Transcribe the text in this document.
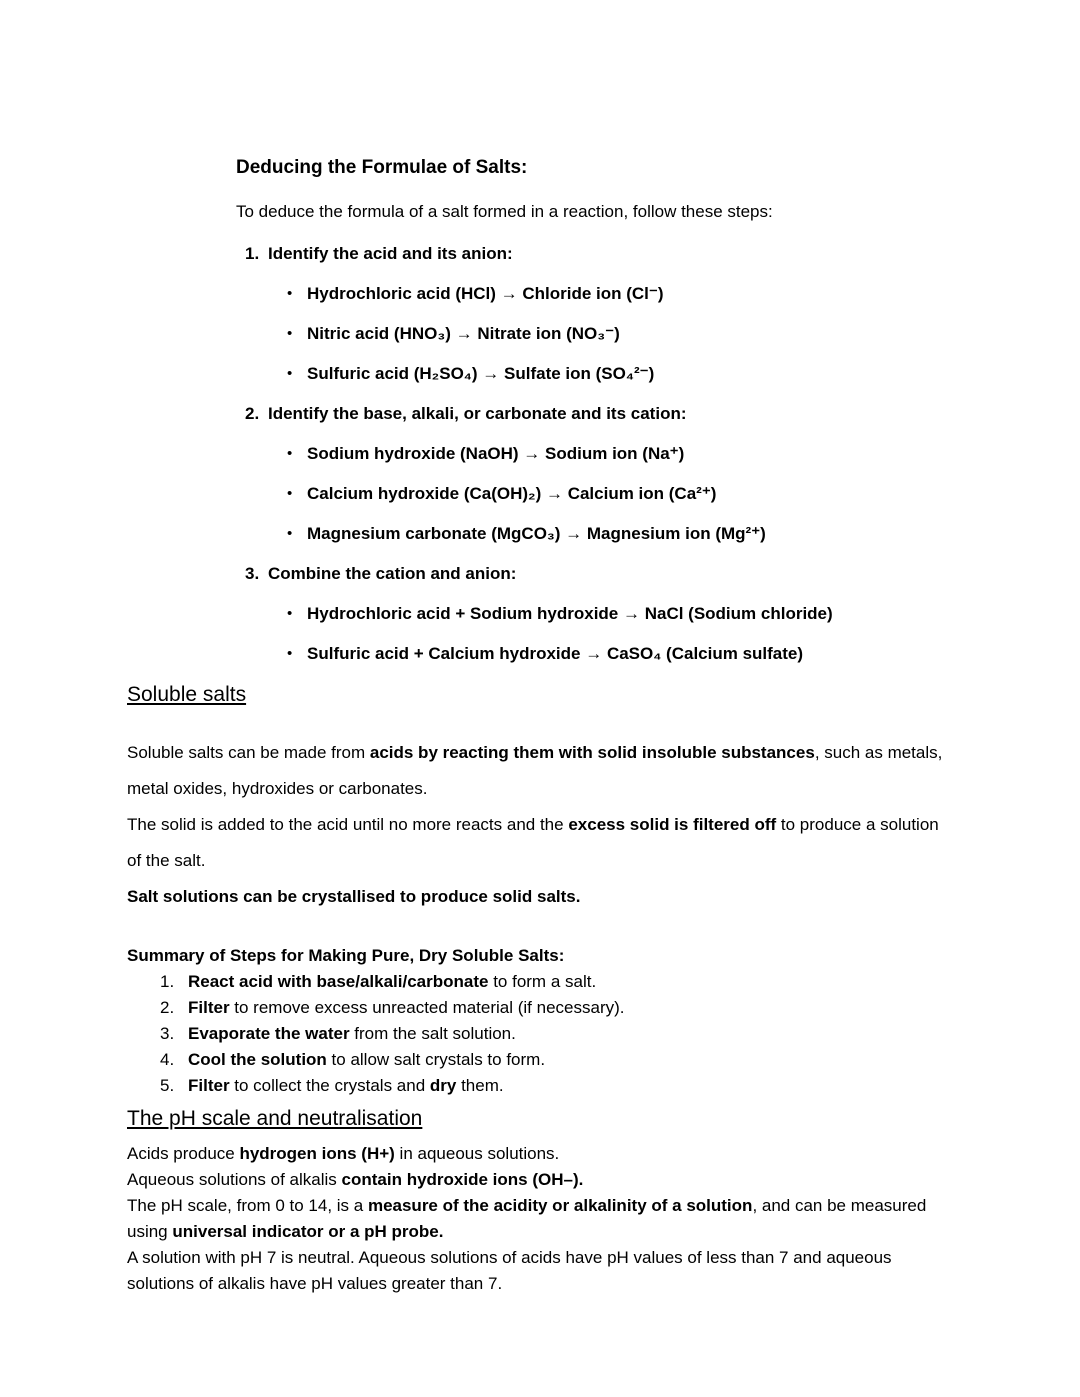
Deducing the Formulae of Salts:
To deduce the formula of a salt formed in a reaction, follow these steps:
1. Identify the acid and its anion:
• Hydrochloric acid (HCl) → Chloride ion (Cl⁻)
• Nitric acid (HNO₃) → Nitrate ion (NO₃⁻)
• Sulfuric acid (H₂SO₄) → Sulfate ion (SO₄²⁻)
2. Identify the base, alkali, or carbonate and its cation:
• Sodium hydroxide (NaOH) → Sodium ion (Na⁺)
• Calcium hydroxide (Ca(OH)₂) → Calcium ion (Ca²⁺)
• Magnesium carbonate (MgCO₃) → Magnesium ion (Mg²⁺)
3. Combine the cation and anion:
• Hydrochloric acid + Sodium hydroxide → NaCl (Sodium chloride)
• Sulfuric acid + Calcium hydroxide → CaSO₄ (Calcium sulfate)
Soluble salts
Soluble salts can be made from acids by reacting them with solid insoluble substances, such as metals, metal oxides, hydroxides or carbonates.
The solid is added to the acid until no more reacts and the excess solid is filtered off to produce a solution of the salt.
Salt solutions can be crystallised to produce solid salts.
Summary of Steps for Making Pure, Dry Soluble Salts:
1. React acid with base/alkali/carbonate to form a salt.
2. Filter to remove excess unreacted material (if necessary).
3. Evaporate the water from the salt solution.
4. Cool the solution to allow salt crystals to form.
5. Filter to collect the crystals and dry them.
The pH scale and neutralisation
Acids produce hydrogen ions (H+) in aqueous solutions.
Aqueous solutions of alkalis contain hydroxide ions (OH–).
The pH scale, from 0 to 14, is a measure of the acidity or alkalinity of a solution, and can be measured using universal indicator or a pH probe.
A solution with pH 7 is neutral. Aqueous solutions of acids have pH values of less than 7 and aqueous solutions of alkalis have pH values greater than 7.
